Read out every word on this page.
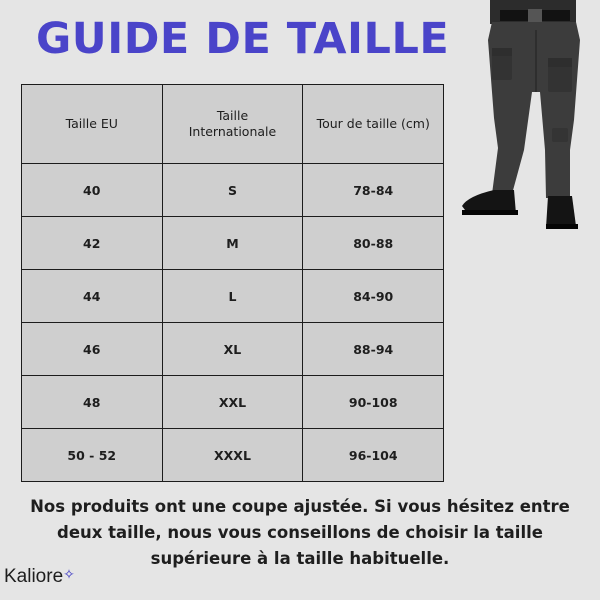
GUIDE DE TAILLE
Taille EU	Taille Internationale	Tour de taille (cm)
40	S	78-84
42	M	80-88
44	L	84-90
46	XL	88-94
48	XXL	90-108
50 - 52	XXXL	96-104

Nos produits ont une coupe ajustée. Si vous hésitez entre deux taille, nous vous conseillons de choisir la taille supérieure à la taille habituelle.

Kaliore✧
